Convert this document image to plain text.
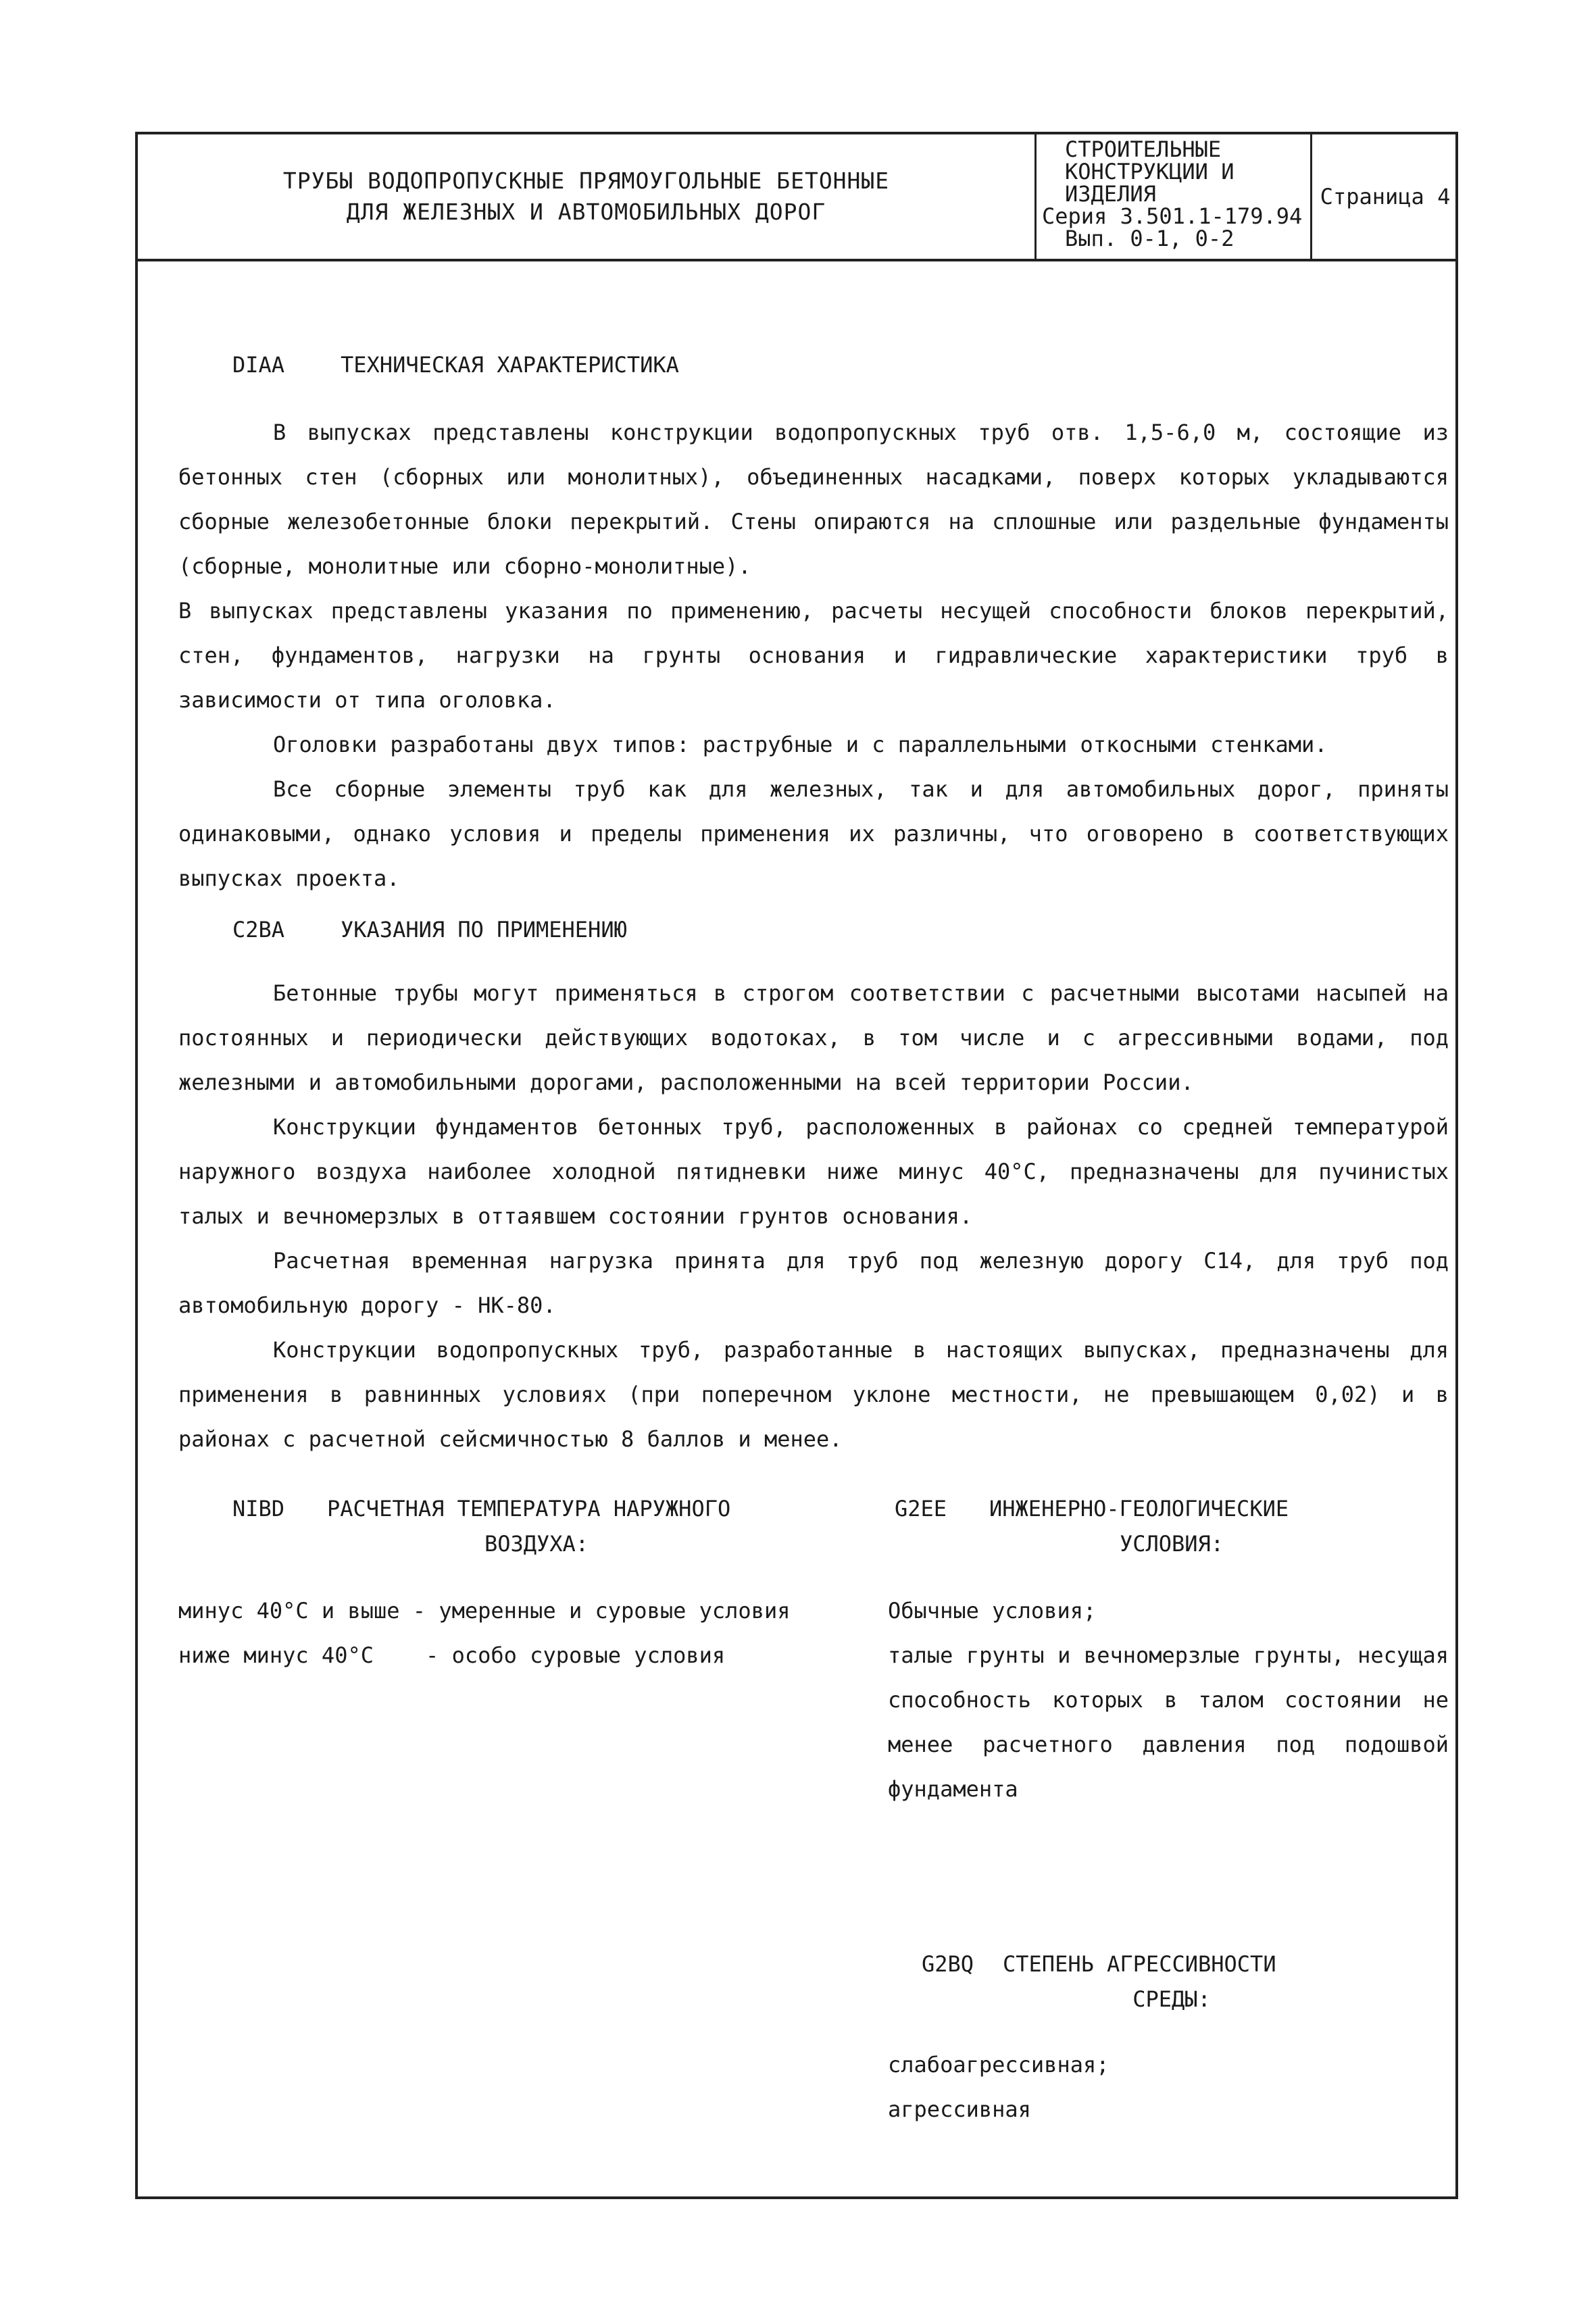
ТРУБЫ ВОДОПРОПУСКНЫЕ ПРЯМОУГОЛЬНЫЕ БЕТОННЫЕ
ДЛЯ ЖЕЛЕЗНЫХ И АВТОМОБИЛЬНЫХ ДОРОГ
СТРОИТЕЛЬНЫЕ
КОНСТРУКЦИИ И
ИЗДЕЛИЯ
Серия 3.501.1-179.94
Вып. 0-1, 0-2
Страница 4
DIAA	ТЕХНИЧЕСКАЯ ХАРАКТЕРИСТИКА
В выпусках представлены конструкции водопропускных труб отв. 1,5-6,0 м, состоящие из бетонных стен (сборных или монолитных), объединенных насадками, поверх которых укладываются сборные железобетонные блоки перекрытий. Стены опираются на сплошные или раздельные фундаменты (сборные, монолитные или сборно-монолитные).
В выпусках представлены указания по применению, расчеты несущей способности блоков перекрытий, стен, фундаментов, нагрузки на грунты основания и гидравлические характеристики труб в зависимости от типа оголовка.
Оголовки разработаны двух типов: раструбные и с параллельными откосными стенками.
Все сборные элементы труб как для железных, так и для автомобильных дорог, приняты одинаковыми, однако условия и пределы применения их различны, что оговорено в соответствующих выпусках проекта.
C2BA	УКАЗАНИЯ ПО ПРИМЕНЕНИЮ
Бетонные трубы могут применяться в строгом соответствии с расчетными высотами насыпей на постоянных и периодически действующих водотоках, в том числе и с агрессивными водами, под железными и автомобильными дорогами, расположенными на всей территории России.
Конструкции фундаментов бетонных труб, расположенных в районах со средней температурой наружного воздуха наиболее холодной пятидневки ниже минус 40°С, предназначены для пучинистых талых и вечномерзлых в оттаявшем состоянии грунтов основания.
Расчетная временная нагрузка принята для труб под железную дорогу С14, для труб под автомобильную дорогу - НК-80.
Конструкции водопропускных труб, разработанные в настоящих выпусках, предназначены для применения в равнинных условиях (при поперечном уклоне местности, не превышающем 0,02) и в районах с расчетной сейсмичностью 8 баллов и менее.
NIBD РАСЧЕТНАЯ ТЕМПЕРАТУРА НАРУЖНОГО

ВОЗДУХА:
минус 40°С и выше - умеренные и суровые условия
ниже минус 40°С    - особо суровые условия
G2EE ИНЖЕНЕРНО-ГЕОЛОГИЧЕСКИЕ

УСЛОВИЯ:
Обычные условия;
талые грунты и вечномерзлые грунты, несущая способность которых в талом состоянии не менее расчетного давления под подошвой фундамента
G2BQ СТЕПЕНЬ АГРЕССИВНОСТИ

СРЕДЫ:
слабоагрессивная;
агрессивная
